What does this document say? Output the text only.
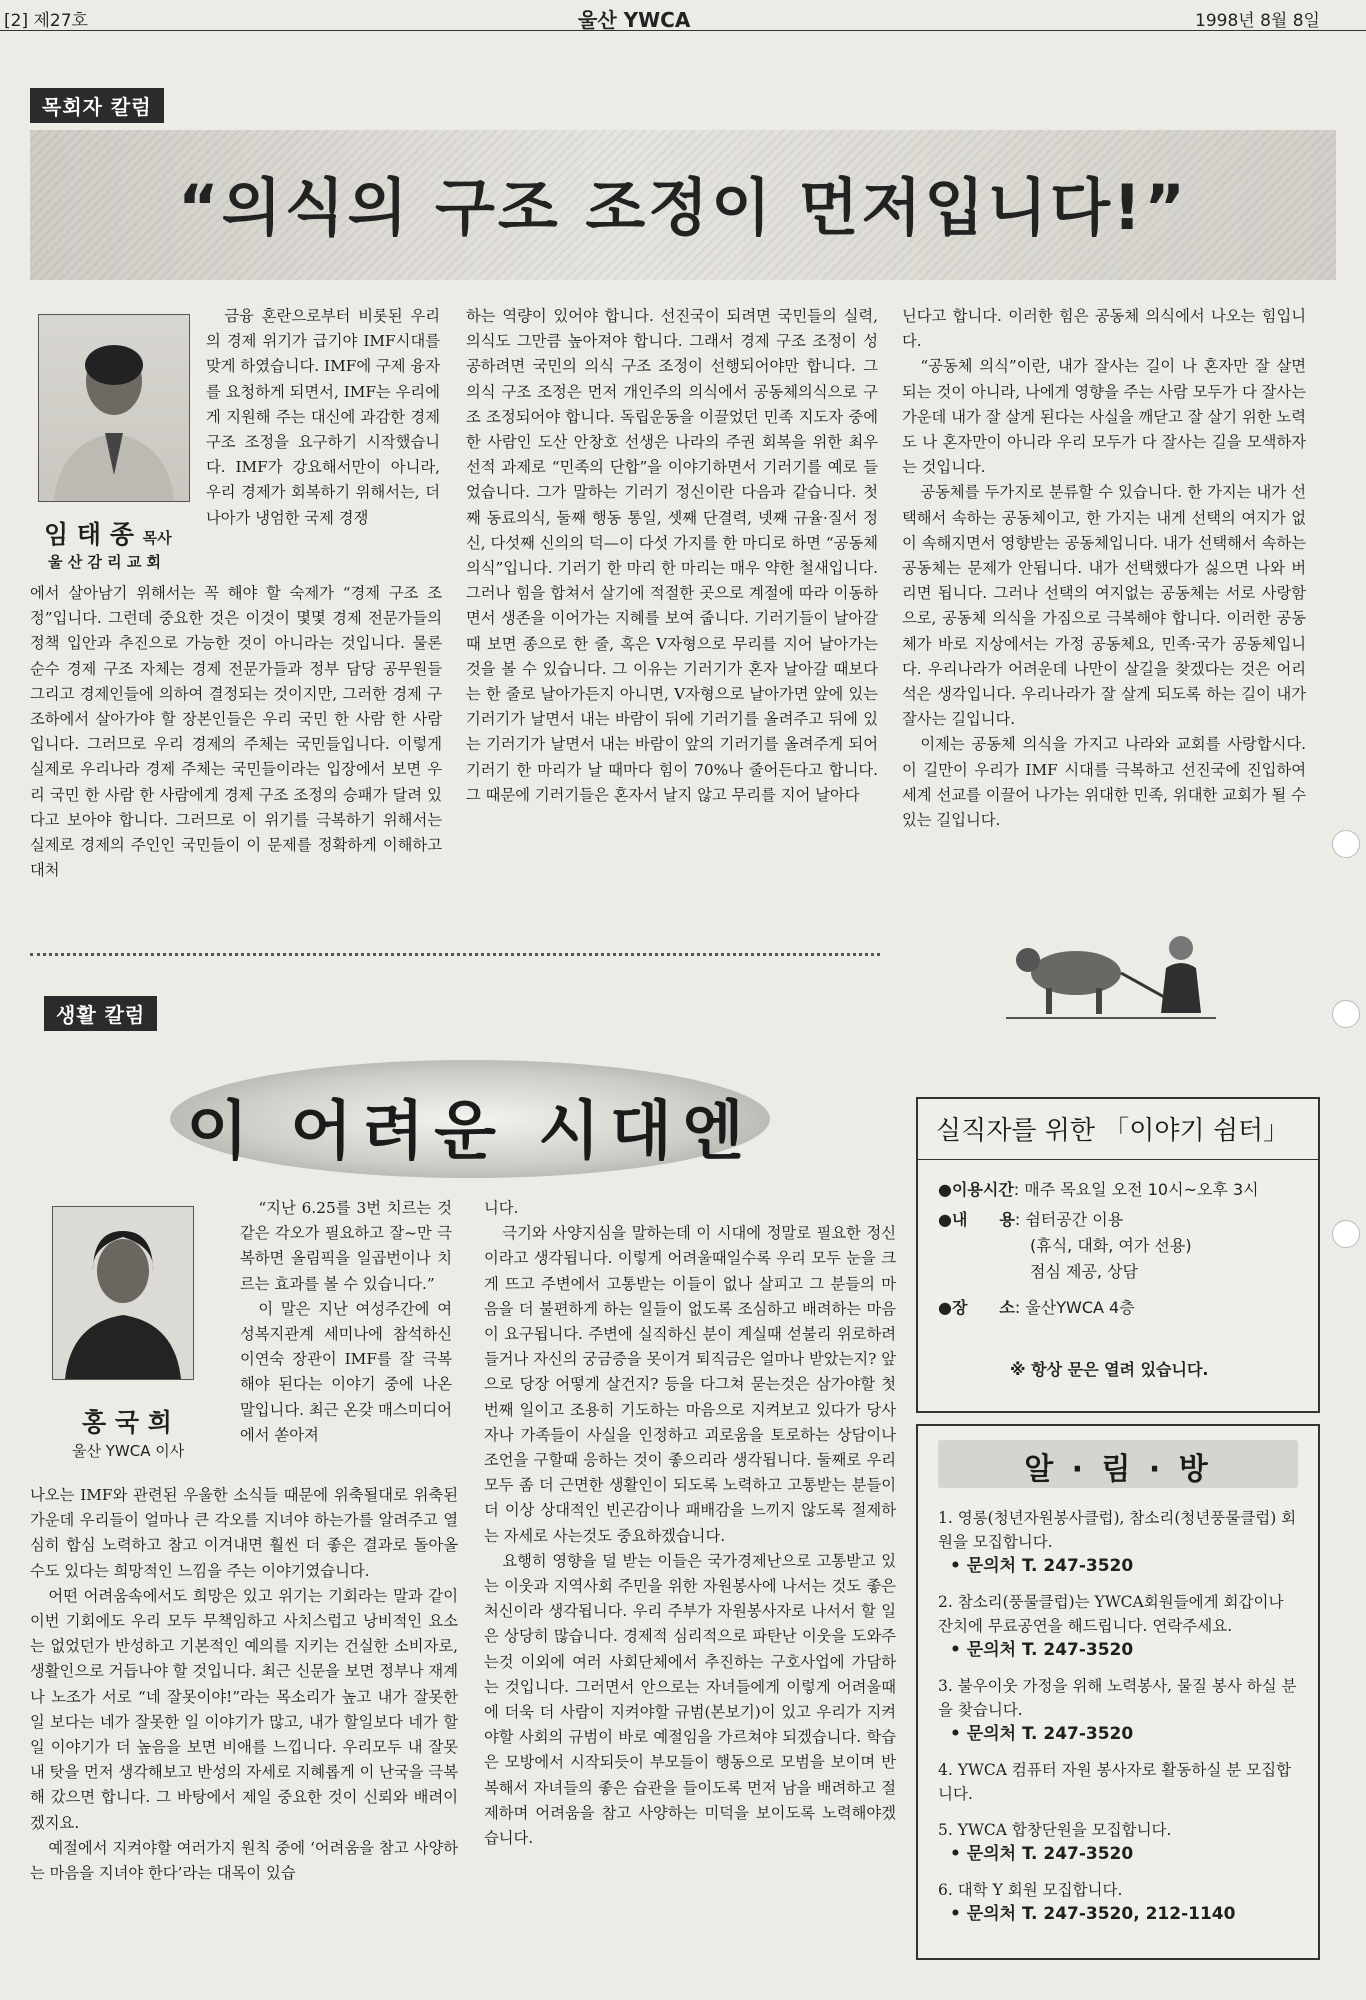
[2] 제27호	울산 YWCA	1998년 8월 8일
목회자 칼럼
“의식의 구조 조정이 먼저입니다!”
임 태 종 목사
울 산 감 리 교 회

금융 혼란으로부터 비롯된 우리의 경제 위기가 급기야 IMF시대를 맞게 하였습니다. IMF에 구제 융자를 요청하게 되면서, IMF는 우리에게 지원해 주는 대신에 과감한 경제 구조 조정을 요구하기 시작했습니다. IMF가 강요해서만이 아니라, 우리 경제가 회복하기 위해서는, 더 나아가 냉엄한 국제 경쟁

에서 살아남기 위해서는 꼭 해야 할 숙제가 “경제 구조 조정”입니다. 그런데 중요한 것은 이것이 몇몇 경제 전문가들의 정책 입안과 추진으로 가능한 것이 아니라는 것입니다. 물론 순수 경제 구조 자체는 경제 전문가들과 정부 담당 공무원들 그리고 경제인들에 의하여 결정되는 것이지만, 그러한 경제 구조하에서 살아가야 할 장본인들은 우리 국민 한 사람 한 사람입니다. 그러므로 우리 경제의 주체는 국민들입니다. 이렇게 실제로 우리나라 경제 주체는 국민들이라는 입장에서 보면 우리 국민 한 사람 한 사람에게 경제 구조 조정의 승패가 달려 있다고 보아야 합니다. 그러므로 이 위기를 극복하기 위해서는 실제로 경제의 주인인 국민들이 이 문제를 정확하게 이해하고 대처
하는 역량이 있어야 합니다. 선진국이 되려면 국민들의 실력, 의식도 그만큼 높아져야 합니다. 그래서 경제 구조 조정이 성공하려면 국민의 의식 구조 조정이 선행되어야만 합니다. 그 의식 구조 조정은 먼저 개인주의 의식에서 공동체의식으로 구조 조정되어야 합니다. 독립운동을 이끌었던 민족 지도자 중에 한 사람인 도산 안창호 선생은 나라의 주권 회복을 위한 최우선적 과제로 “민족의 단합”을 이야기하면서 기러기를 예로 들었습니다. 그가 말하는 기러기 정신이란 다음과 같습니다. 첫째 동료의식, 둘째 행동 통일, 셋째 단결력, 넷째 규율·질서 정신, 다섯째 신의의 덕—이 다섯 가지를 한 마디로 하면 “공동체 의식”입니다. 기러기 한 마리 한 마리는 매우 약한 철새입니다. 그러나 힘을 합쳐서 살기에 적절한 곳으로 계절에 따라 이동하면서 생존을 이어가는 지혜를 보여 줍니다. 기러기들이 날아갈 때 보면 종으로 한 줄, 혹은 V자형으로 무리를 지어 날아가는 것을 볼 수 있습니다. 그 이유는 기러기가 혼자 날아갈 때보다는 한 줄로 날아가든지 아니면, V자형으로 날아가면 앞에 있는 기러기가 날면서 내는 바람이 뒤에 기러기를 올려주고 뒤에 있는 기러기가 날면서 내는 바람이 앞의 기러기를 올려주게 되어 기러기 한 마리가 날 때마다 힘이 70%나 줄어든다고 합니다. 그 때문에 기러기들은 혼자서 날지 않고 무리를 지어 날아다
닌다고 합니다. 이러한 힘은 공동체 의식에서 나오는 힘입니다.

“공동체 의식”이란, 내가 잘사는 길이 나 혼자만 잘 살면 되는 것이 아니라, 나에게 영향을 주는 사람 모두가 다 잘사는 가운데 내가 잘 살게 된다는 사실을 깨닫고 잘 살기 위한 노력도 나 혼자만이 아니라 우리 모두가 다 잘사는 길을 모색하자는 것입니다.

공동체를 두가지로 분류할 수 있습니다. 한 가지는 내가 선택해서 속하는 공동체이고, 한 가지는 내게 선택의 여지가 없이 속해지면서 영향받는 공동체입니다. 내가 선택해서 속하는 공동체는 문제가 안됩니다. 내가 선택했다가 싫으면 나와 버리면 됩니다. 그러나 선택의 여지없는 공동체는 서로 사랑함으로, 공동체 의식을 가짐으로 극복해야 합니다. 이러한 공동체가 바로 지상에서는 가정 공동체요, 민족·국가 공동체입니다. 우리나라가 어려운데 나만이 살길을 찾겠다는 것은 어리석은 생각입니다. 우리나라가 잘 살게 되도록 하는 길이 내가 잘사는 길입니다.

이제는 공동체 의식을 가지고 나라와 교회를 사랑합시다. 이 길만이 우리가 IMF 시대를 극복하고 선진국에 진입하여 세계 선교를 이끌어 나가는 위대한 민족, 위대한 교회가 될 수 있는 길입니다.

생활 칼럼
이 어려운 시대엔
홍 국 희
울산 YWCA 이사

“지난 6.25를 3번 치르는 것 같은 각오가 필요하고 잘~만 극복하면 올림픽을 일곱번이나 치르는 효과를 볼 수 있습니다.”

이 말은 지난 여성주간에 여성복지관계 세미나에 참석하신 이연숙 장관이 IMF를 잘 극복해야 된다는 이야기 중에 나온 말입니다. 최근 온갖 매스미디어에서 쏟아져

나오는 IMF와 관련된 우울한 소식들 때문에 위축될대로 위축된 가운데 우리들이 얼마나 큰 각오를 지녀야 하는가를 알려주고 열심히 합심 노력하고 참고 이겨내면 훨씬 더 좋은 결과로 돌아올 수도 있다는 희망적인 느낌을 주는 이야기였습니다.

어떤 어려움속에서도 희망은 있고 위기는 기회라는 말과 같이 이번 기회에도 우리 모두 무책임하고 사치스럽고 낭비적인 요소는 없었던가 반성하고 기본적인 예의를 지키는 건실한 소비자로, 생활인으로 거듭나야 할 것입니다. 최근 신문을 보면 정부나 재계나 노조가 서로 “네 잘못이야!”라는 목소리가 높고 내가 잘못한일 보다는 네가 잘못한 일 이야기가 많고, 내가 할일보다 네가 할일 이야기가 더 높음을 보면 비애를 느낍니다. 우리모두 내 잘못 내 탓을 먼저 생각해보고 반성의 자세로 지혜롭게 이 난국을 극복해 갔으면 합니다. 그 바탕에서 제일 중요한 것이 신뢰와 배려이겠지요.

예절에서 지켜야할 여러가지 원칙 중에 ‘어려움을 참고 사양하는 마음을 지녀야 한다’라는 대목이 있습

니다.

극기와 사양지심을 말하는데 이 시대에 정말로 필요한 정신이라고 생각됩니다. 이렇게 어려울때일수록 우리 모두 눈을 크게 뜨고 주변에서 고통받는 이들이 없나 살피고 그 분들의 마음을 더 불편하게 하는 일들이 없도록 조심하고 배려하는 마음이 요구됩니다. 주변에 실직하신 분이 계실때 섣불리 위로하려 들거나 자신의 궁금증을 못이겨 퇴직금은 얼마나 받았는지? 앞으로 당장 어떻게 살건지? 등을 다그쳐 묻는것은 삼가야할 첫번째 일이고 조용히 기도하는 마음으로 지켜보고 있다가 당사자나 가족들이 사실을 인정하고 괴로움을 토로하는 상담이나 조언을 구할때 응하는 것이 좋으리라 생각됩니다. 둘째로 우리모두 좀 더 근면한 생활인이 되도록 노력하고 고통받는 분들이 더 이상 상대적인 빈곤감이나 패배감을 느끼지 않도록 절제하는 자세로 사는것도 중요하겠습니다.

요행히 영향을 덜 받는 이들은 국가경제난으로 고통받고 있는 이웃과 지역사회 주민을 위한 자원봉사에 나서는 것도 좋은 처신이라 생각됩니다. 우리 주부가 자원봉사자로 나서서 할 일은 상당히 많습니다. 경제적 심리적으로 파탄난 이웃을 도와주는것 이외에 여러 사회단체에서 추진하는 구호사업에 가담하는 것입니다. 그러면서 안으로는 자녀들에게 이렇게 어려울때에 더욱 더 사람이 지켜야할 규범(본보기)이 있고 우리가 지켜야할 사회의 규범이 바로 예절임을 가르쳐야 되겠습니다. 학습은 모방에서 시작되듯이 부모들이 행동으로 모범을 보이며 반복해서 자녀들의 좋은 습관을 들이도록 먼저 남을 배려하고 절제하며 어려움을 참고 사양하는 미덕을 보이도록 노력해야겠습니다.

실직자를 위한 「이야기 쉼터」
●이용시간: 매주 목요일 오전 10시~오후 3시
●내　　용: 쉼터공간 이용
(휴식, 대화, 여가 선용)
점심 제공, 상담
●장　　소: 울산YWCA 4층
※ 항상 문은 열려 있습니다.
알 · 림 · 방
1. 영롱(청년자원봉사클럽), 참소리(청년풍물클럽) 회원을 모집합니다.
• 문의처 T. 247-3520
2. 참소리(풍물클럽)는 YWCA회원들에게 회갑이나 잔치에 무료공연을 해드립니다. 연락주세요.
• 문의처 T. 247-3520
3. 불우이웃 가정을 위해 노력봉사, 물질 봉사 하실 분을 찾습니다.
• 문의처 T. 247-3520
4. YWCA 컴퓨터 자원 봉사자로 활동하실 분 모집합니다.
5. YWCA 합창단원을 모집합니다.
• 문의처 T. 247-3520
6. 대학 Y 회원 모집합니다.
• 문의처 T. 247-3520, 212-1140
